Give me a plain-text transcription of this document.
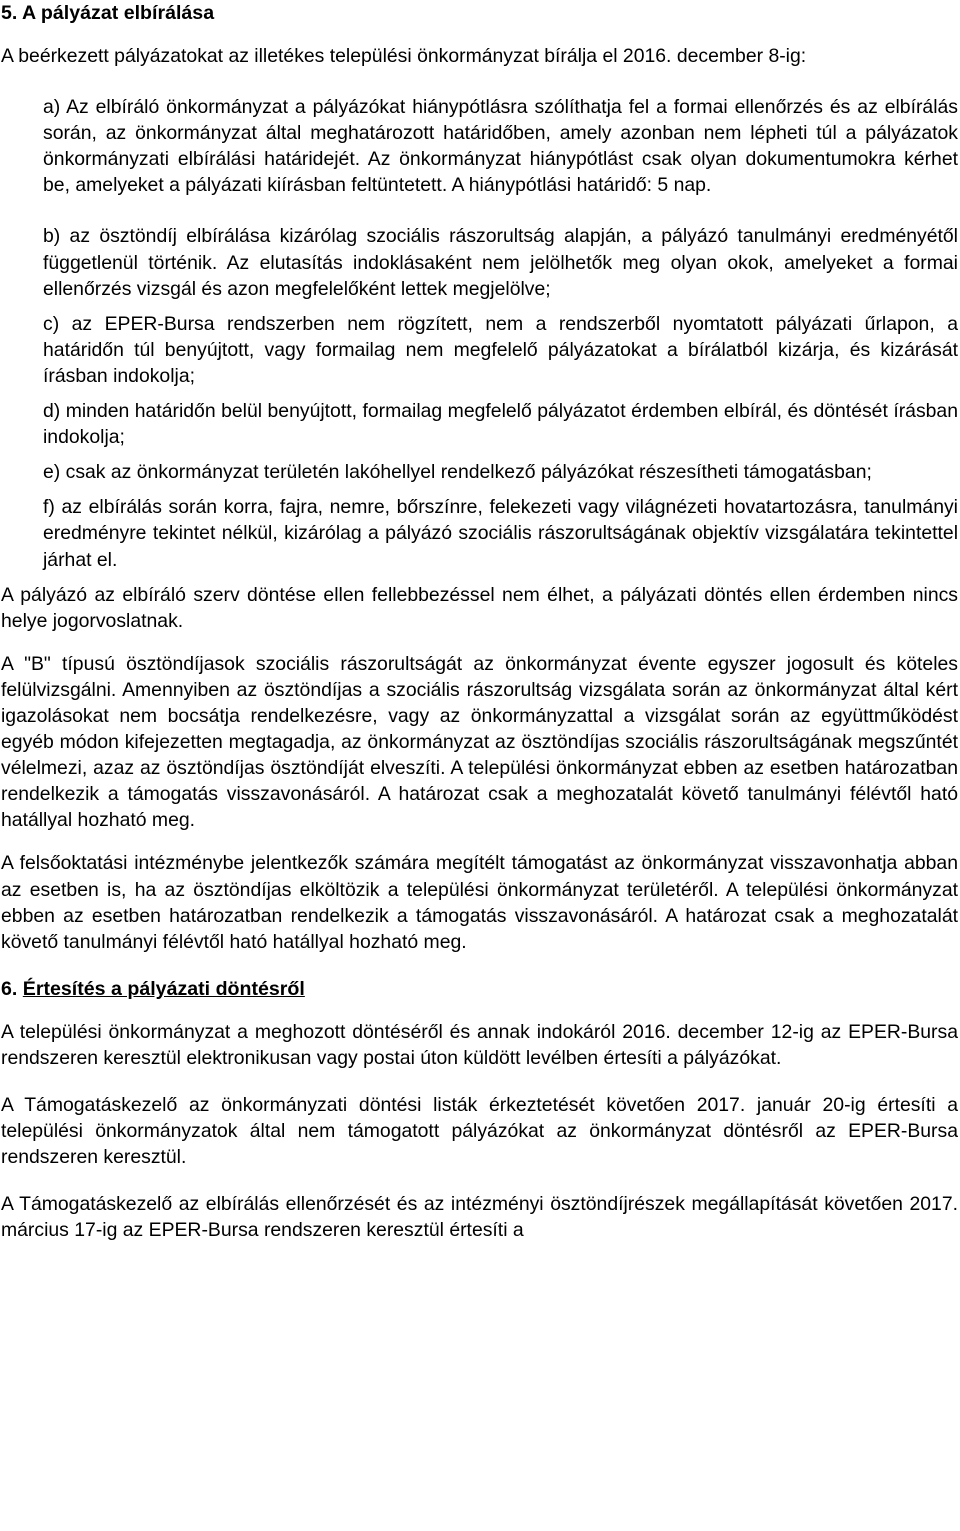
5. A pályázat elbírálása

A beérkezett pályázatokat az illetékes települési önkormányzat bírálja el 2016. december 8-ig:

a) Az elbíráló önkormányzat a pályázókat hiánypótlásra szólíthatja fel a formai ellenőrzés és az elbírálás során, az önkormányzat által meghatározott határidőben, amely azonban nem lépheti túl a pályázatok önkormányzati elbírálási határidejét. Az önkormányzat hiánypótlást csak olyan dokumentumokra kérhet be, amelyeket a pályázati kiírásban feltüntetett. A hiánypótlási határidő: 5 nap.

b) az ösztöndíj elbírálása kizárólag szociális rászorultság alapján, a pályázó tanulmányi eredményétől függetlenül történik. Az elutasítás indoklásaként nem jelölhetők meg olyan okok, amelyeket a formai ellenőrzés vizsgál és azon megfelelőként lettek megjelölve;

c) az EPER-Bursa rendszerben nem rögzített, nem a rendszerből nyomtatott pályázati űrlapon, a határidőn túl benyújtott, vagy formailag nem megfelelő pályázatokat a bírálatból kizárja, és kizárását írásban indokolja;

d) minden határidőn belül benyújtott, formailag megfelelő pályázatot érdemben elbírál, és döntését írásban indokolja;

e) csak az önkormányzat területén lakóhellyel rendelkező pályázókat részesítheti támogatásban;

f) az elbírálás során korra, fajra, nemre, bőrszínre, felekezeti vagy világnézeti hovatartozásra, tanulmányi eredményre tekintet nélkül, kizárólag a pályázó szociális rászorultságának objektív vizsgálatára tekintettel járhat el.

A pályázó az elbíráló szerv döntése ellen fellebbezéssel nem élhet, a pályázati döntés ellen érdemben nincs helye jogorvoslatnak.

A "B" típusú ösztöndíjasok szociális rászorultságát az önkormányzat évente egyszer jogosult és köteles felülvizsgálni. Amennyiben az ösztöndíjas a szociális rászorultság vizsgálata során az önkormányzat által kért igazolásokat nem bocsátja rendelkezésre, vagy az önkormányzattal a vizsgálat során az együttműködést egyéb módon kifejezetten megtagadja, az önkormányzat az ösztöndíjas szociális rászorultságának megszűntét vélelmezi, azaz az ösztöndíjas ösztöndíját elveszíti. A települési önkormányzat ebben az esetben határozatban rendelkezik a támogatás visszavonásáról. A határozat csak a meghozatalát követő tanulmányi félévtől ható hatállyal hozható meg.

A felsőoktatási intézménybe jelentkezők számára megítélt támogatást az önkormányzat visszavonhatja abban az esetben is, ha az ösztöndíjas elköltözik a települési önkormányzat területéről. A települési önkormányzat ebben az esetben határozatban rendelkezik a támogatás visszavonásáról. A határozat csak a meghozatalát követő tanulmányi félévtől ható hatállyal hozható meg.

6. Értesítés a pályázati döntésről

A települési önkormányzat a meghozott döntéséről és annak indokáról 2016. december 12-ig az EPER-Bursa rendszeren keresztül elektronikusan vagy postai úton küldött levélben értesíti a pályázókat.

A Támogatáskezelő az önkormányzati döntési listák érkeztetését követően 2017. január 20-ig értesíti a települési önkormányzatok által nem támogatott pályázókat az önkormányzat döntésről az EPER-Bursa rendszeren keresztül.

A Támogatáskezelő az elbírálás ellenőrzését és az intézményi ösztöndíjrészek megállapítását követően 2017. március 17-ig az EPER-Bursa rendszeren keresztül értesíti a
